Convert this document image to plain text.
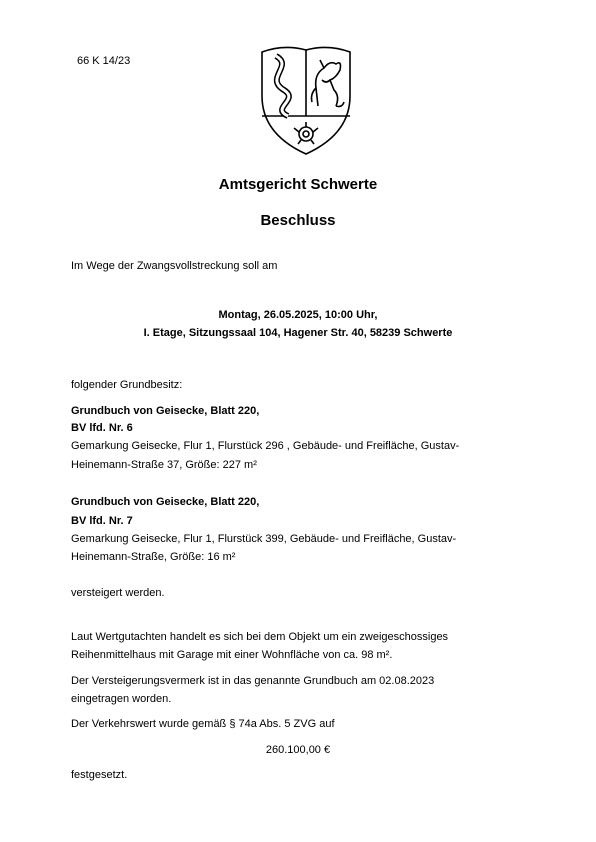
66 K 14/23
Amtsgericht Schwerte
Beschluss
Im Wege der Zwangsvollstreckung soll am
Montag, 26.05.2025, 10:00 Uhr,
I. Etage, Sitzungssaal 104, Hagener Str. 40, 58239 Schwerte
folgender Grundbesitz:
Grundbuch von Geisecke, Blatt 220,
BV lfd. Nr. 6
Gemarkung Geisecke, Flur 1, Flurstück 296 , Gebäude- und Freifläche, Gustav-
Heinemann-Straße 37, Größe: 227 m²
Grundbuch von Geisecke, Blatt 220,
BV lfd. Nr. 7
Gemarkung Geisecke, Flur 1, Flurstück 399, Gebäude- und Freifläche, Gustav-
Heinemann-Straße, Größe: 16 m²
versteigert werden.
Laut Wertgutachten handelt es sich bei dem Objekt um ein zweigeschossiges
Reihenmittelhaus mit Garage mit einer Wohnfläche von ca. 98 m².
Der Versteigerungsvermerk ist in das genannte Grundbuch am 02.08.2023
eingetragen worden.
Der Verkehrswert wurde gemäß § 74a Abs. 5 ZVG auf
260.100,00 €
festgesetzt.
